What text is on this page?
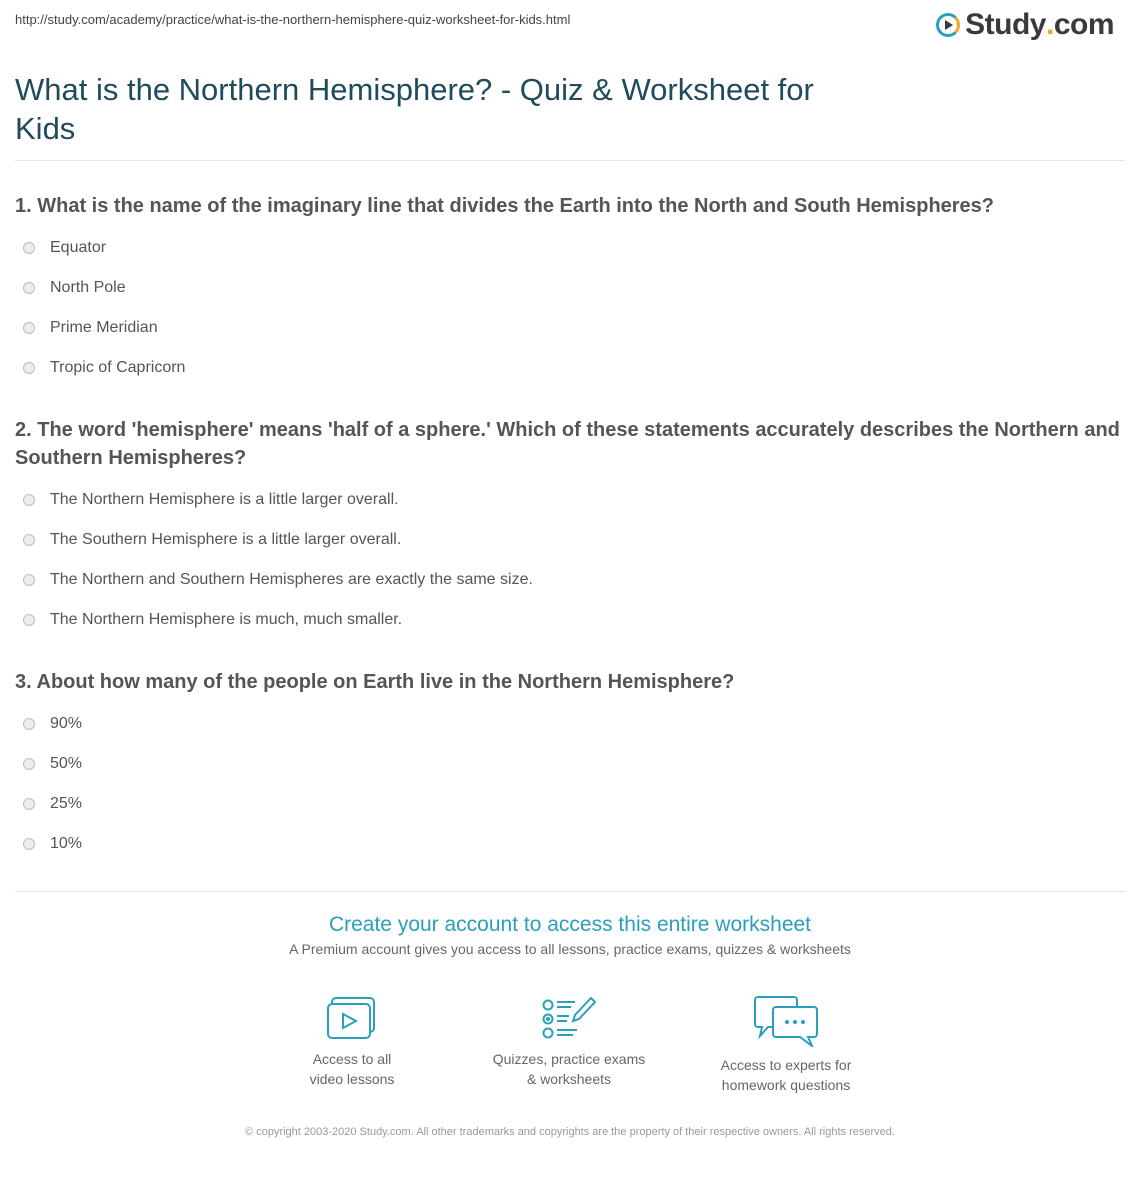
http://study.com/academy/practice/what-is-the-northern-hemisphere-quiz-worksheet-for-kids.html	Study . com
What is the Northern Hemisphere? - Quiz & Worksheet for Kids

1. What is the name of the imaginary line that divides the Earth into the North and South Hemispheres?

Equator
North Pole
Prime Meridian
Tropic of Capricorn

2. The word 'hemisphere' means 'half of a sphere.' Which of these statements accurately describes the Northern and Southern Hemispheres?

The Northern Hemisphere is a little larger overall.
The Southern Hemisphere is a little larger overall.
The Northern and Southern Hemispheres are exactly the same size.
The Northern Hemisphere is much, much smaller.

3. About how many of the people on Earth live in the Northern Hemisphere?

90%
50%
25%
10%
Create your account to access this entire worksheet
A Premium account gives you access to all lessons, practice exams, quizzes & worksheets
Access to all
video lessons
Quizzes, practice exams
& worksheets
Access to experts for
homework questions
© copyright 2003-2020 Study.com. All other trademarks and copyrights are the property of their respective owners. All rights reserved.
